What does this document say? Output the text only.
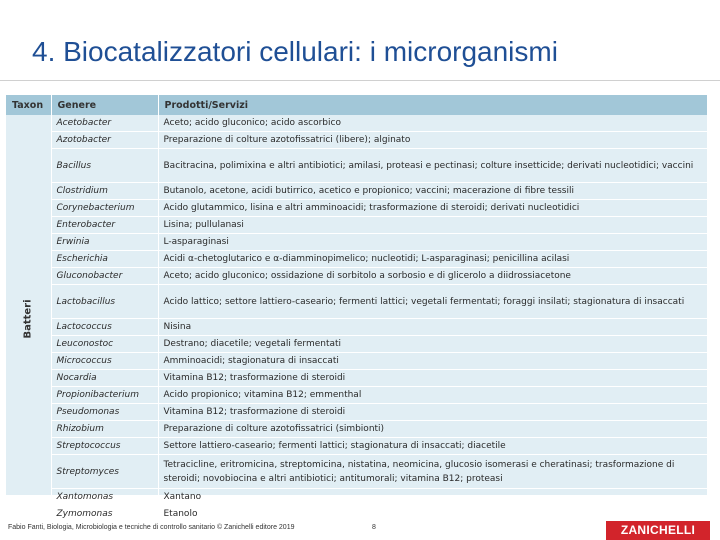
4. Biocatalizzatori cellulari: i microrganismi
Taxon	Genere	Prodotti/Servizi
Batteri	Acetobacter	Aceto; acido gluconico; acido ascorbico
	Azotobacter	Preparazione di colture azotofissatrici (libere); alginato
	Bacillus	Bacitracina, polimixina e altri antibiotici; amilasi, proteasi e pectinasi; colture insetticide; derivati nucleotidici; vaccini
	Clostridium	Butanolo, acetone, acidi butirrico, acetico e propionico; vaccini; macerazione di fibre tessili
	Corynebacterium	Acido glutammico, lisina e altri amminoacidi; trasformazione di steroidi; derivati nucleotidici
	Enterobacter	Lisina; pullulanasi
	Erwinia	L-asparaginasi
	Escherichia	Acidi α-chetoglutarico e α-diamminopimelico; nucleotidi; L-asparaginasi; penicillina acilasi
	Gluconobacter	Aceto; acido gluconico; ossidazione di sorbitolo a sorbosio e di glicerolo a diidrossiacetone
	Lactobacillus	Acido lattico; settore lattiero-caseario; fermenti lattici; vegetali fermentati; foraggi insilati; stagionatura di insaccati
	Lactococcus	Nisina
	Leuconostoc	Destrano; diacetile; vegetali fermentati
	Micrococcus	Amminoacidi; stagionatura di insaccati
	Nocardia	Vitamina B12; trasformazione di steroidi
	Propionibacterium	Acido propionico; vitamina B12; emmenthal
	Pseudomonas	Vitamina B12; trasformazione di steroidi
	Rhizobium	Preparazione di colture azotofissatrici (simbionti)
	Streptococcus	Settore lattiero-caseario; fermenti lattici; stagionatura di insaccati; diacetile
	Streptomyces	Tetracicline, eritromicina, streptomicina, nistatina, neomicina, glucosio isomerasi e cheratinasi; trasformazione di steroidi; novobiocina e altri antibiotici; antitumorali; vitamina B12; proteasi
	Xantomonas	Xantano
	Zymomonas	Etanolo
Fabio Fanti, Biologia, Microbiologia e tecniche di controllo sanitario © Zanichelli editore 2019	8	ZANICHELLI
